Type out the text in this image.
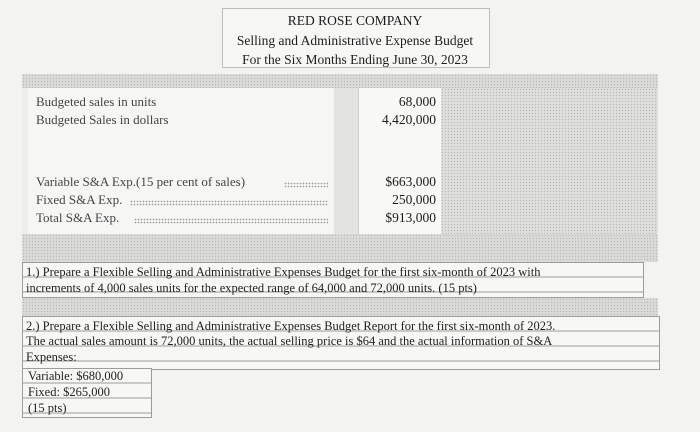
RED ROSE COMPANY
Selling and Administrative Expense Budget
For the Six Months Ending June 30, 2023
Budgeted sales in units	68,000
Budgeted Sales in dollars	4,420,000
Variable S&A Exp.(15 per cent of sales)	$663,000
Fixed S&A Exp.	250,000
Total S&A Exp.	$913,000
1.) Prepare a Flexible Selling and Administrative Expenses Budget for the first six-month of 2023 with
increments of 4,000 sales units for the expected range of 64,000 and 72,000 units. (15 pts)
2.) Prepare a Flexible Selling and Administrative Expenses Budget Report for the first six-month of 2023.
The actual sales amount is 72,000 units, the actual selling price is $64 and the actual information of S&A
Expenses:
Variable: $680,000
Fixed: $265,000
(15 pts)
